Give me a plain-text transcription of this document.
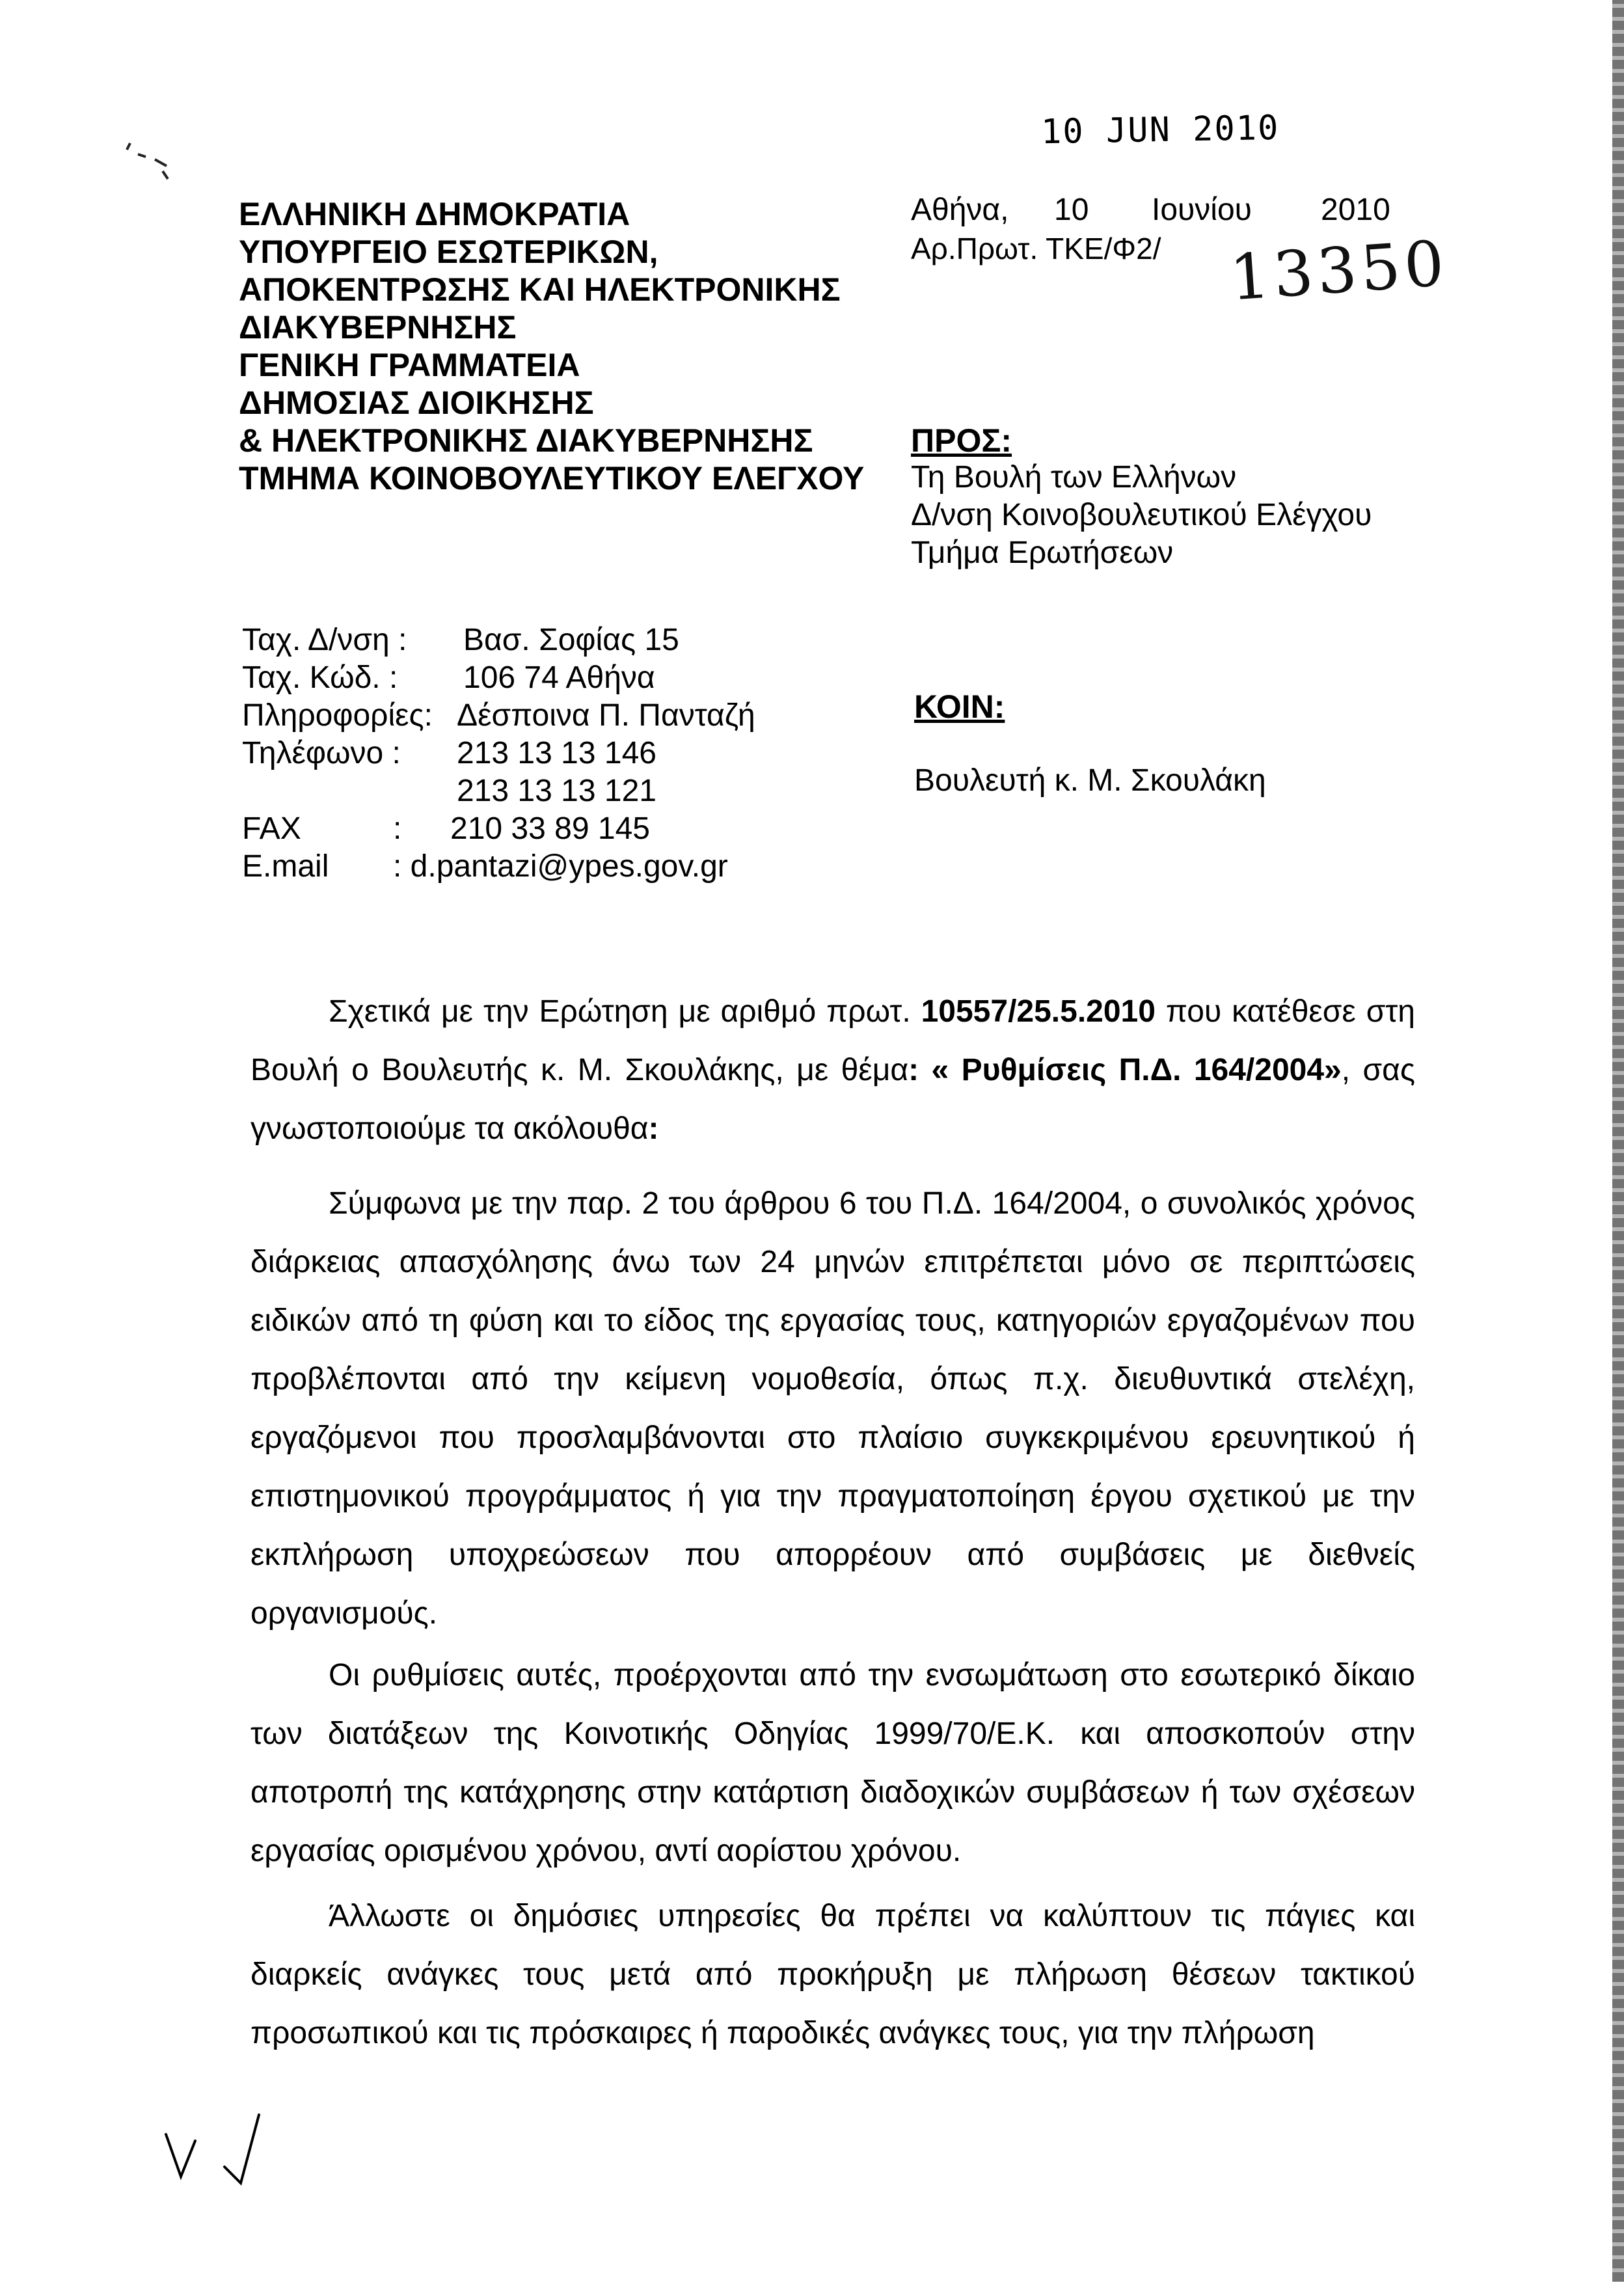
10 JUN 2010
ΕΛΛΗΝΙΚΗ ΔΗΜΟΚΡΑΤΙΑ
ΥΠΟΥΡΓΕΙΟ ΕΣΩΤΕΡΙΚΩΝ,
ΑΠΟΚΕΝΤΡΩΣΗΣ ΚΑΙ ΗΛΕΚΤΡΟΝΙΚΗΣ
ΔΙΑΚΥΒΕΡΝΗΣΗΣ
ΓΕΝΙΚΗ ΓΡΑΜΜΑΤΕΙΑ
ΔΗΜΟΣΙΑΣ ΔΙΟΙΚΗΣΗΣ
& ΗΛΕΚΤΡΟΝΙΚΗΣ ΔΙΑΚΥΒΕΡΝΗΣΗΣ
ΤΜΗΜΑ ΚΟΙΝΟΒΟΥΛΕΥΤΙΚΟΥ ΕΛΕΓΧΟΥ
Αθήνα, 10 Ιουνίου 2010
Αρ.Πρωτ. ΤΚΕ/Φ2/ 13350
ΠΡΟΣ:
Τη Βουλή των Ελλήνων
Δ/νση Κοινοβουλευτικού Ελέγχου
Τμήμα Ερωτήσεων
Ταχ. Δ/νση : Βασ. Σοφίας 15
Ταχ. Κώδ. : 106 74 Αθήνα
Πληροφορίες: Δέσποινα Π. Πανταζή
Τηλέφωνο : 213 13 13 146
213 13 13 121
FAX	: 210 33 89 145
E.mail : d.pantazi@ypes.gov.gr
ΚΟΙΝ:
Βουλευτή κ. Μ. Σκουλάκη
Σχετικά με την Ερώτηση με αριθμό πρωτ. 10557/25.5.2010 που κατέθεσε στη Βουλή ο Βουλευτής κ. Μ. Σκουλάκης, με θέμα: « Ρυθμίσεις Π.Δ. 164/2004», σας γνωστοποιούμε τα ακόλουθα:
Σύμφωνα με την παρ. 2 του άρθρου 6 του Π.Δ. 164/2004, ο συνολικός χρόνος διάρκειας απασχόλησης άνω των 24 μηνών επιτρέπεται μόνο σε περιπτώσεις ειδικών από τη φύση και το είδος της εργασίας τους, κατηγοριών εργαζομένων που προβλέπονται από την κείμενη νομοθεσία, όπως π.χ. διευθυντικά στελέχη, εργαζόμενοι που προσλαμβάνονται στο πλαίσιο συγκεκριμένου ερευνητικού ή επιστημονικού προγράμματος ή για την πραγματοποίηση έργου σχετικού με την εκπλήρωση υποχρεώσεων που απορρέουν από συμβάσεις με διεθνείς οργανισμούς.
Οι ρυθμίσεις αυτές, προέρχονται από την ενσωμάτωση στο εσωτερικό δίκαιο των διατάξεων της Κοινοτικής Οδηγίας 1999/70/Ε.Κ. και αποσκοπούν στην αποτροπή της κατάχρησης στην κατάρτιση διαδοχικών συμβάσεων ή των σχέσεων εργασίας ορισμένου χρόνου, αντί αορίστου χρόνου.
Άλλωστε οι δημόσιες υπηρεσίες θα πρέπει να καλύπτουν τις πάγιες και διαρκείς ανάγκες τους μετά από προκήρυξη με πλήρωση θέσεων τακτικού προσωπικού και τις πρόσκαιρες ή παροδικές ανάγκες τους, για την πλήρωση
